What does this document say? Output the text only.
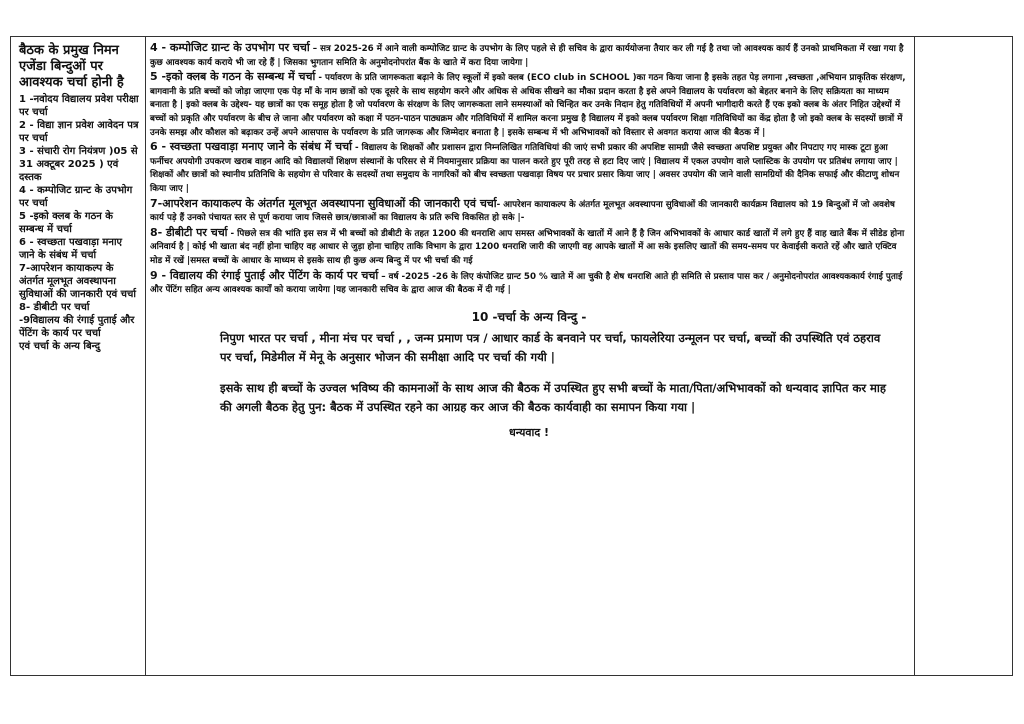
बैठक के प्रमुख निमन एजेंडा बिन्दुओं पर आवश्यक चर्चा होनी है

1 -नवोदय विद्यालय प्रवेश परीक्षा पर चर्चा

2 - विद्या ज्ञान प्रवेश आवेदन पत्र पर चर्चा

3 - संचारी रोग नियंत्रण )05 से 31 अक्टूबर 2025 ) एवं दस्तक

4 - कम्पोजिट ग्रान्ट के उपभोग पर चर्चा

5 -इको क्लब के गठन के सम्बन्ध में चर्चा

6 - स्वच्छता पखवाड़ा मनाए जाने के संबंध में चर्चा

7-आपरेशन कायाकल्प के अंतर्गत मूलभूत अवस्थापना सुविधाओं की जानकारी एवं चर्चा

8- डीबीटी पर चर्चा

-9विद्यालय की रंगाई पुताई और पेंटिंग के कार्य पर चर्चा

एवं चर्चा के अन्य बिन्दु

4 - कम्पोजिट ग्रान्ट के उपभोग पर चर्चा – सत्र 2025-26 में आने वाली कम्पोजिट ग्रान्ट के उपभोग के लिए पहले से ही सचिव के द्वारा कार्ययोजना तैयार कर ली गई है तथा जो आवश्यक कार्य हैं उनको प्राथमिकता में रखा गया है कुछ आवश्यक कार्य कराये भी जा रहे हैं | जिसका भुगतान समिति के अनुमोदनोपरांत बैंक के खाते में करा दिया जायेगा |

5 -इको क्लब के गठन के सम्बन्ध में चर्चा - पर्यावरण के प्रति जागरूकता बढ़ाने के लिए स्कूलों में इको क्लब (ECO club in SCHOOL )का गठन किया जाना है इसके तहत पेड़ लगाना ,स्वच्छता ,अभियान प्राकृतिक संरक्षण, बागवानी के प्रति बच्चों को जोड़ा जाएगा एक पेड़ माँ के नाम छात्रों को एक दूसरे के साथ सहयोग करने और अधिक से अधिक सीखने का मौका प्रदान करता है इसे अपने विद्यालय के पर्यावरण को बेहतर बनाने के लिए सक्रियता का माध्यम बनाता है | इको क्लब के उद्देश्य- यह छात्रों का एक समूह होता है जो पर्यावरण के संरक्षण के लिए जागरूकता लाने समस्याओं को चिन्हित कर उनके निदान हेतु गतिविधियों में अपनी भागीदारी करते हैं एक इको क्लब के अंतर निहित उद्देश्यों में बच्चों को प्रकृति और पर्यावरण के बीच ले जाना और पर्यावरण को कक्षा में पठन-पाठन पाठ्यक्रम और गतिविधियों में शामिल करना प्रमुख है विद्यालय में इको क्लब पर्यावरण शिक्षा गतिविधियों का केंद्र होता है जो इको क्लब के सदस्यों छात्रों में उनके समझ और कौशल को बढ़ाकर उन्हें अपने आसपास के पर्यावरण के प्रति जागरूक और जिम्मेदार बनाता है | इसके सम्बन्ध में भी अभिभावकों को विस्तार से अवगत कराया आज की बैठक में |

6 - स्वच्छता पखवाड़ा मनाए जाने के संबंध में चर्चा - विद्यालय के शिक्षकों और प्रशासन द्वारा निम्नलिखित गतिविधियां की जाएं सभी प्रकार की अपशिष्ट सामग्री जैसे स्वच्छता अपशिष्ट प्रयुक्त और निपटाए गए मास्क टूटा हुआ फर्नीचर अपयोगी उपकरण खराब वाहन आदि को विद्यालयों शिक्षण संस्थानों के परिसर से में नियमानुसार प्रक्रिया का पालन करते हुए पूरी तरह से हटा दिए जाएं | विद्यालय में एकल उपयोग वाले प्लास्टिक के उपयोग पर प्रतिबंध लगाया जाए | शिक्षकों और छात्रों को स्थानीय प्रतिनिधि के सहयोग से परिवार के सदस्यों तथा समुदाय के नागरिकों को बीच स्वच्छता पखवाड़ा विषय पर प्रचार प्रसार किया जाए | अवसर उपयोग की जाने वाली सामग्रियों की दैनिक सफाई और कीटाणु शोधन किया जाए |

7-आपरेशन कायाकल्प के अंतर्गत मूलभूत अवस्थापना सुविधाओं की जानकारी एवं चर्चा- आपरेशन कायाकल्प के अंतर्गत मूलभूत अवस्थापना सुविधाओं की जानकारी कार्यक्रम विद्यालय को 19 बिन्दुओं में जो अवशेष कार्य पड़े हैं उनको पंचायत स्तर से पूर्ण कराया जाय जिससे छात्र/छात्राओं का विद्यालय के प्रति रूचि विकसित हो सके |-

8- डीबीटी पर चर्चा - पिछले सत्र की भांति इस सत्र में भी बच्चों को डीबीटी के तहत 1200 की धनराशि आप समस्त अभिभावकों के खातों में आने हैं है जिन अभिभावकों के आधार कार्ड खातों में लगे हुए हैं वाह खाते बैंक में सीडेड होना अनिवार्य है | कोई भी खाता बंद नहीं होना चाहिए वह आधार से जुड़ा होना चाहिए ताकि विभाग के द्वारा 1200 धनराशि जारी की जाएगी वह आपके खातों में आ सके इसलिए खातों की समय-समय पर केवाईसी कराते रहें और खाते एक्टिव मोड में रखें |समस्त बच्चों के आधार के माध्यम से इसके साथ ही कुछ अन्य बिन्दु में पर भी चर्चा की गई

9 - विद्यालय की रंगाई पुताई और पेंटिंग के कार्य पर चर्चा – वर्ष -2025 -26 के लिए कंपोजिट ग्रान्ट 50 % खाते में आ चुकी है शेष धनराशि आते ही समिति से प्रस्ताव पास कर / अनुमोदनोपरांत आवश्यककार्य रंगाई पुताई और पेंटिंग सहित अन्य आवश्यक कार्यों को कराया जायेगा |यह जानकारी सचिव के द्वारा आज की बैठक में दी गई |

10 -चर्चा के अन्य विन्दु -

निपुण भारत पर चर्चा , मीना मंच पर चर्चा , , जन्म प्रमाण पत्र / आधार कार्ड के बनवाने पर चर्चा, फायलेरिया उन्मूलन पर चर्चा, बच्चों की उपस्थिति एवं ठहराव पर चर्चा, मिडेमील में मेनू के अनुसार भोजन की समीक्षा आदि पर चर्चा की गयी |

इसके साथ ही बच्चों के उज्वल भविष्य की कामनाओं के साथ आज की बैठक में उपस्थित हुए सभी बच्चों के माता/पिता/अभिभावकों को धन्यवाद ज्ञापित कर माह की अगली बैठक हेतु पुन: बैठक में उपस्थित रहने का आग्रह कर आज की बैठक कार्यवाही का समापन किया गया |

धन्यवाद !
